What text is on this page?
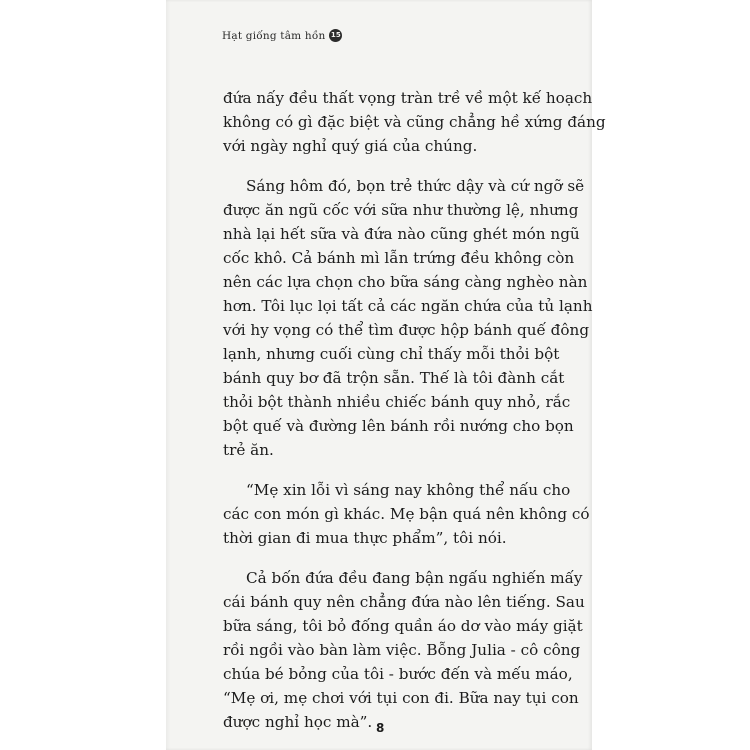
Hạt giống tâm hồn 15
đứa nấy đều thất vọng tràn trề về một kế hoạch
không có gì đặc biệt và cũng chẳng hề xứng đáng
với ngày nghỉ quý giá của chúng.
Sáng hôm đó, bọn trẻ thức dậy và cứ ngỡ sẽ
được ăn ngũ cốc với sữa như thường lệ, nhưng
nhà lại hết sữa và đứa nào cũng ghét món ngũ
cốc khô. Cả bánh mì lẫn trứng đều không còn
nên các lựa chọn cho bữa sáng càng nghèo nàn
hơn. Tôi lục lọi tất cả các ngăn chứa của tủ lạnh
với hy vọng có thể tìm được hộp bánh quế đông
lạnh, nhưng cuối cùng chỉ thấy mỗi thỏi bột
bánh quy bơ đã trộn sẵn. Thế là tôi đành cắt
thỏi bột thành nhiều chiếc bánh quy nhỏ, rắc
bột quế và đường lên bánh rồi nướng cho bọn
trẻ ăn.
“Mẹ xin lỗi vì sáng nay không thể nấu cho
các con món gì khác. Mẹ bận quá nên không có
thời gian đi mua thực phẩm”, tôi nói.
Cả bốn đứa đều đang bận ngấu nghiến mấy
cái bánh quy nên chẳng đứa nào lên tiếng. Sau
bữa sáng, tôi bỏ đống quần áo dơ vào máy giặt
rồi ngồi vào bàn làm việc. Bỗng Julia - cô công
chúa bé bỏng của tôi - bước đến và mếu máo,
“Mẹ ơi, mẹ chơi với tụi con đi. Bữa nay tụi con
được nghỉ học mà”. 8
